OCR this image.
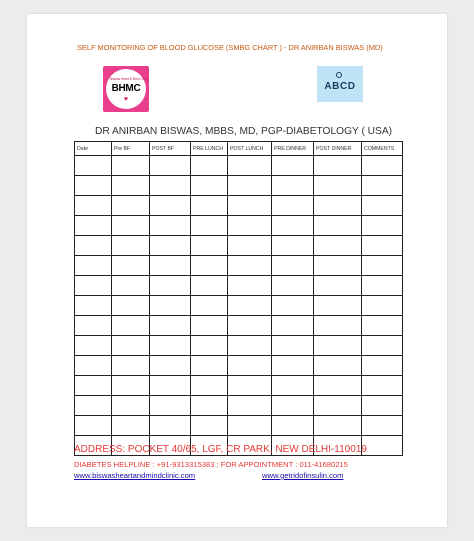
SELF MONITORING OF BLOOD GLUCOSE (SMBG CHART ) - DR ANIRBAN BISWAS (MD)
Biswas Heart & Mind Clinic
BHMC
♥
ABCD
DR ANIRBAN BISWAS, MBBS, MD, PGP-DIABETOLOGY ( USA)
Date	Pre BF	POST BF	PRE LUNCH	POST LUNCH	PRE DINNER	POST DINNER	COMMENTS

ADDRESS: POCKET 40/65, LGF, CR PARK, NEW DELHI-110019
DIABETES HELPLINE : +91-9313315383 ; FOR APPOINTMENT : 011-41680215
www.biswasheartandmindclinic.com	www.getridofinsulin.com
